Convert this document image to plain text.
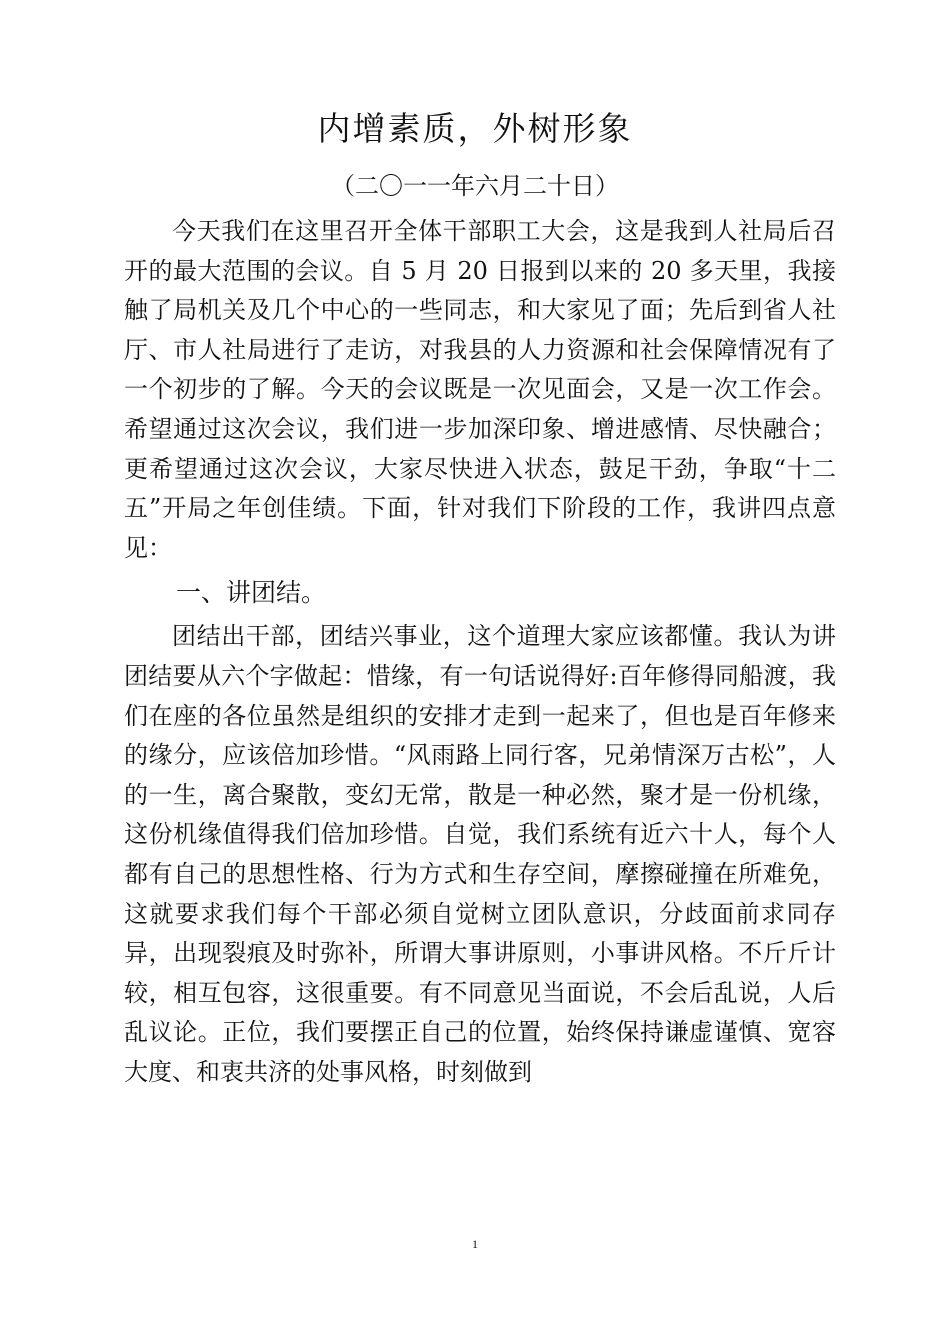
内增素质，外树形象
（二〇一一年六月二十日）

今天我们在这里召开全体干部职工大会，这是我到人社局后召开的最大范围的会议。自 5 月 20 日报到以来的 20 多天里，我接触了局机关及几个中心的一些同志，和大家见了面；先后到省人社厅、市人社局进行了走访，对我县的人力资源和社会保障情况有了一个初步的了解。今天的会议既是一次见面会，又是一次工作会。希望通过这次会议，我们进一步加深印象、增进感情、尽快融合；更希望通过这次会议，大家尽快进入状态，鼓足干劲，争取“十二五”开局之年创佳绩。下面，针对我们下阶段的工作，我讲四点意见：

一、讲团结。

团结出干部，团结兴事业，这个道理大家应该都懂。我认为讲团结要从六个字做起：惜缘，有一句话说得好:百年修得同船渡，我们在座的各位虽然是组织的安排才走到一起来了，但也是百年修来的缘分，应该倍加珍惜。“风雨路上同行客，兄弟情深万古松”，人的一生，离合聚散，变幻无常，散是一种必然，聚才是一份机缘，这份机缘值得我们倍加珍惜。自觉，我们系统有近六十人，每个人都有自己的思想性格、行为方式和生存空间，摩擦碰撞在所难免，这就要求我们每个干部必须自觉树立团队意识，分歧面前求同存异，出现裂痕及时弥补，所谓大事讲原则，小事讲风格。不斤斤计较，相互包容，这很重要。有不同意见当面说，不会后乱说，人后乱议论。正位，我们要摆正自己的位置，始终保持谦虚谨慎、宽容大度、和衷共济的处事风格，时刻做到

1
